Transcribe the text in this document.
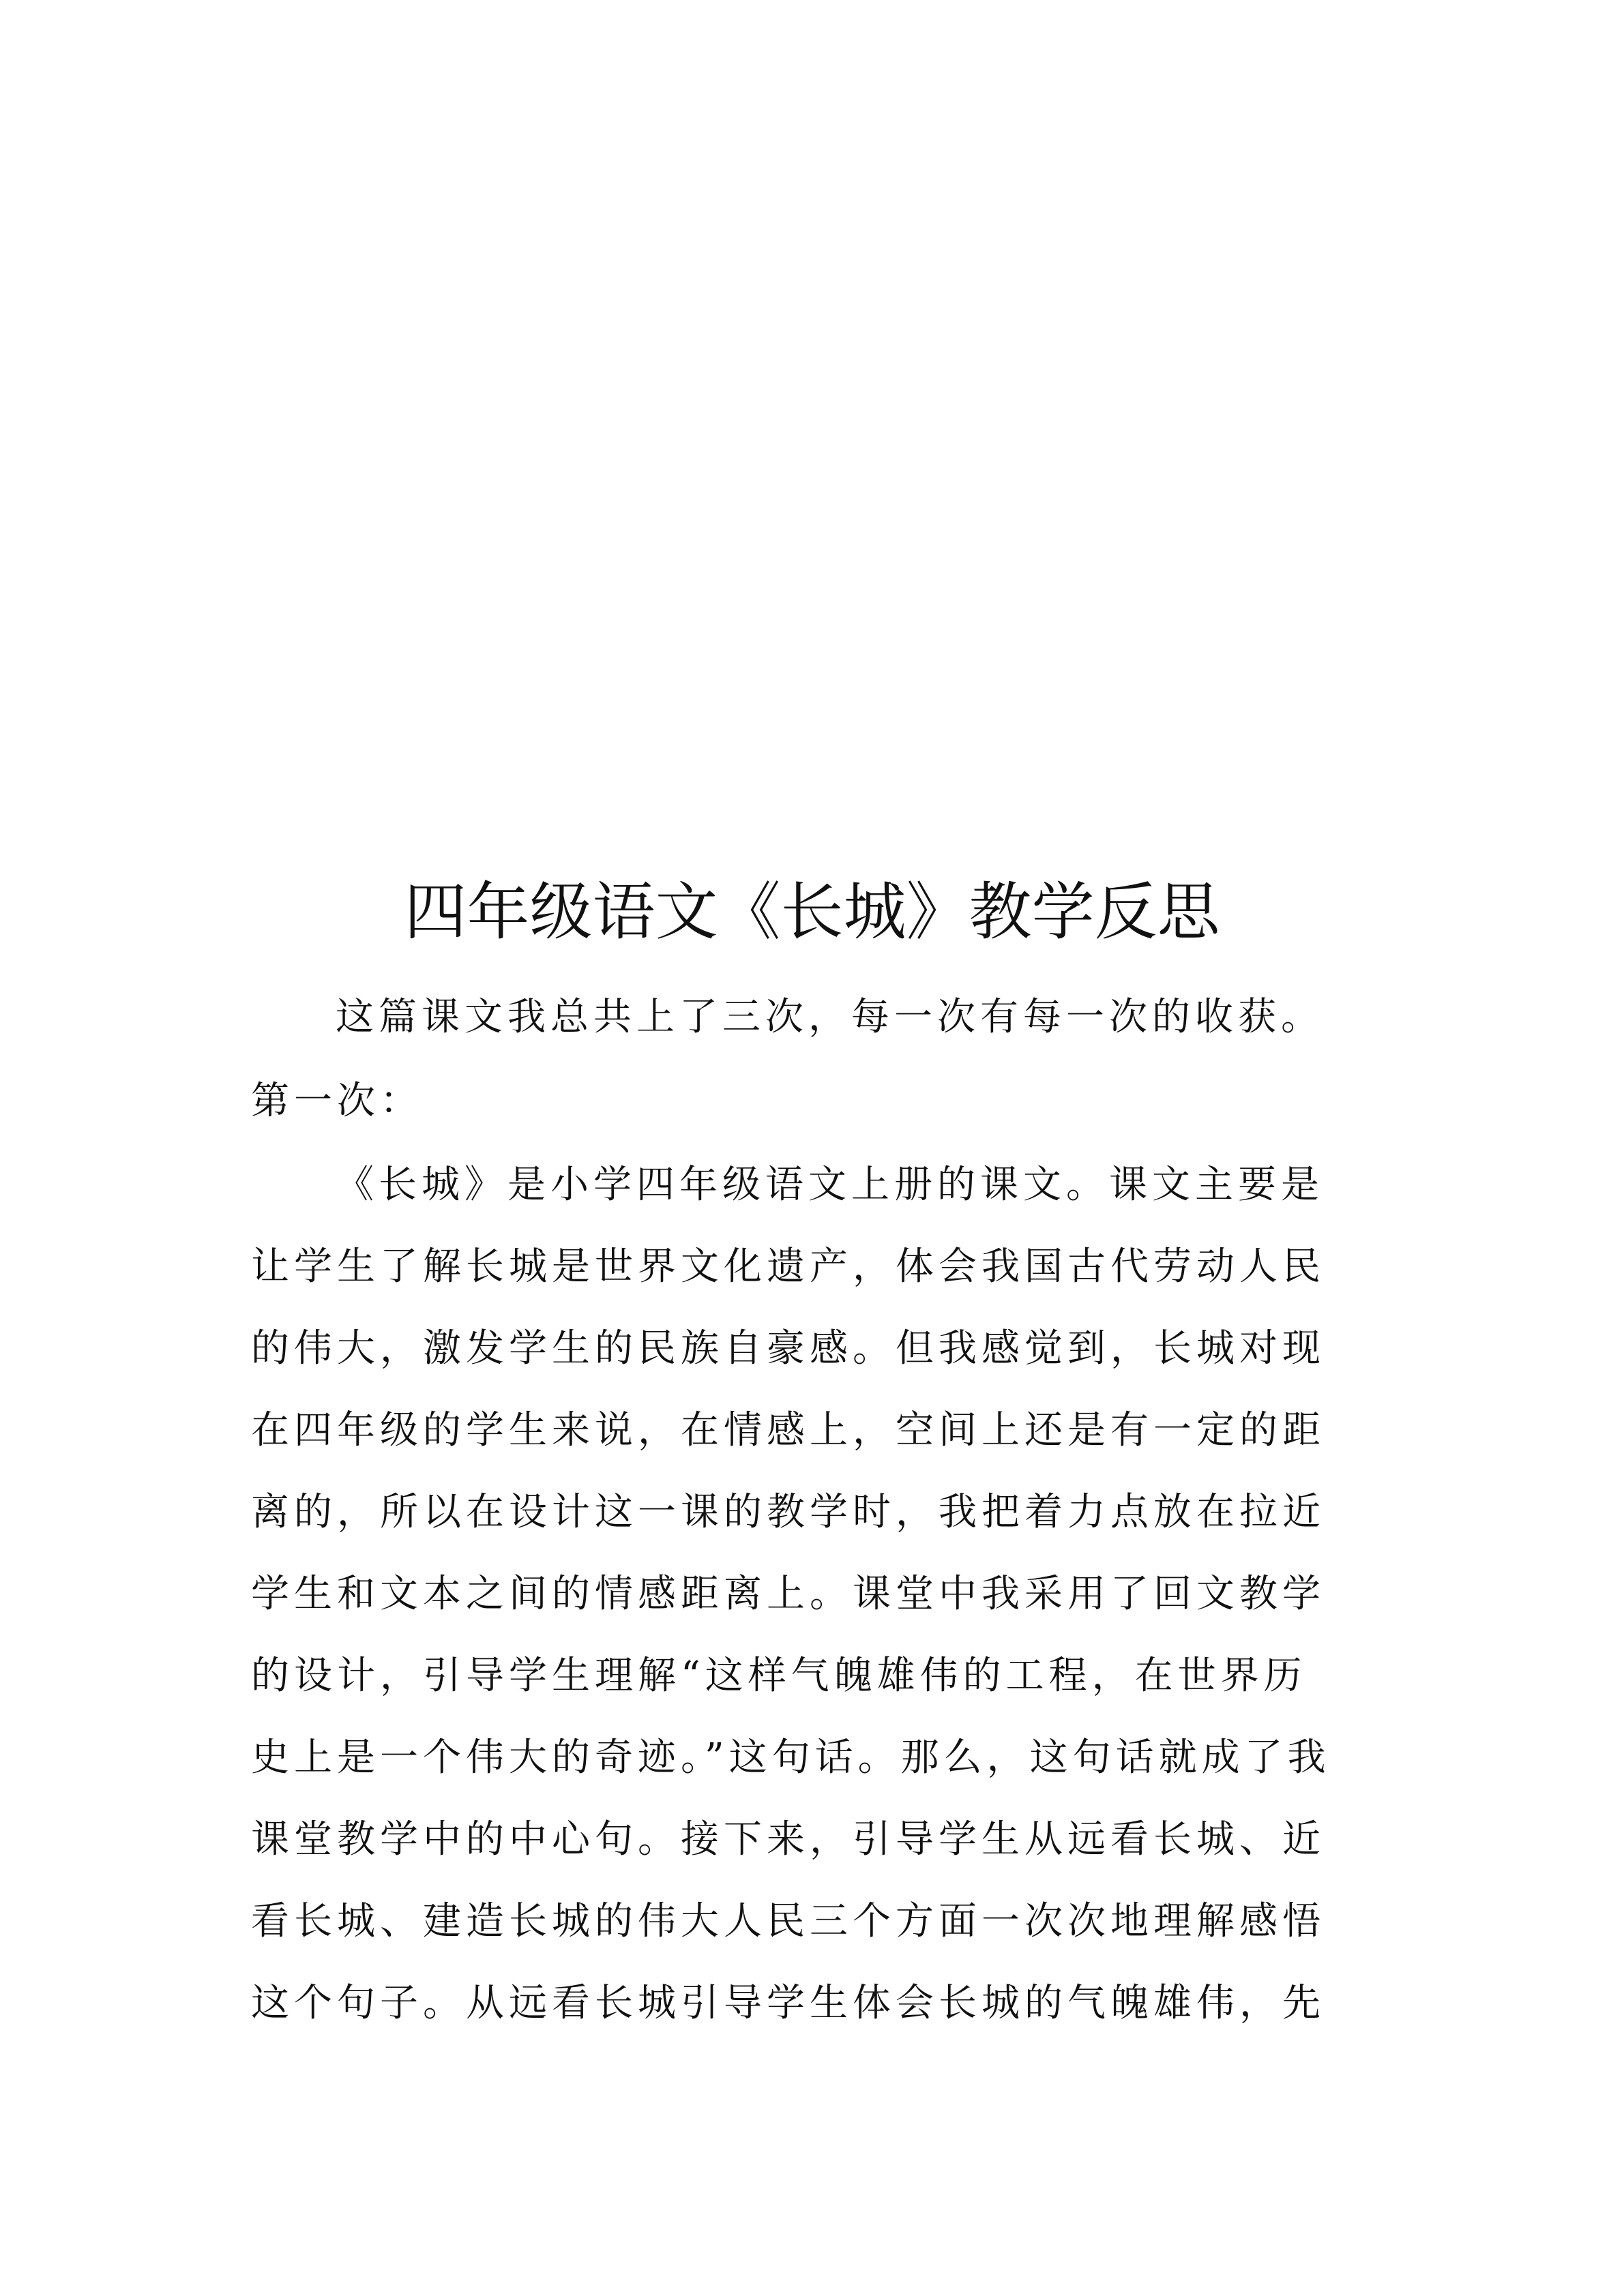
四年级语文《长城》教学反思
这篇课文我总共上了三次，每一次有每一次的收获。
第一次：
《长城》是小学四年级语文上册的课文。课文主要是
让学生了解长城是世界文化遗产，体会我国古代劳动人民
的伟大，激发学生的民族自豪感。但我感觉到，长城对现
在四年级的学生来说，在情感上，空间上还是有一定的距
离的，所以在设计这一课的教学时，我把着力点放在拉近
学生和文本之间的情感距离上。课堂中我采用了回文教学
的设计，引导学生理解“这样气魄雄伟的工程，在世界历
史上是一个伟大的奇迹。”这句话。那么，这句话就成了我
课堂教学中的中心句。接下来，引导学生从远看长城、近
看长城、建造长城的伟大人民三个方面一次次地理解感悟
这个句子。从远看长城引导学生体会长城的气魄雄伟，先
